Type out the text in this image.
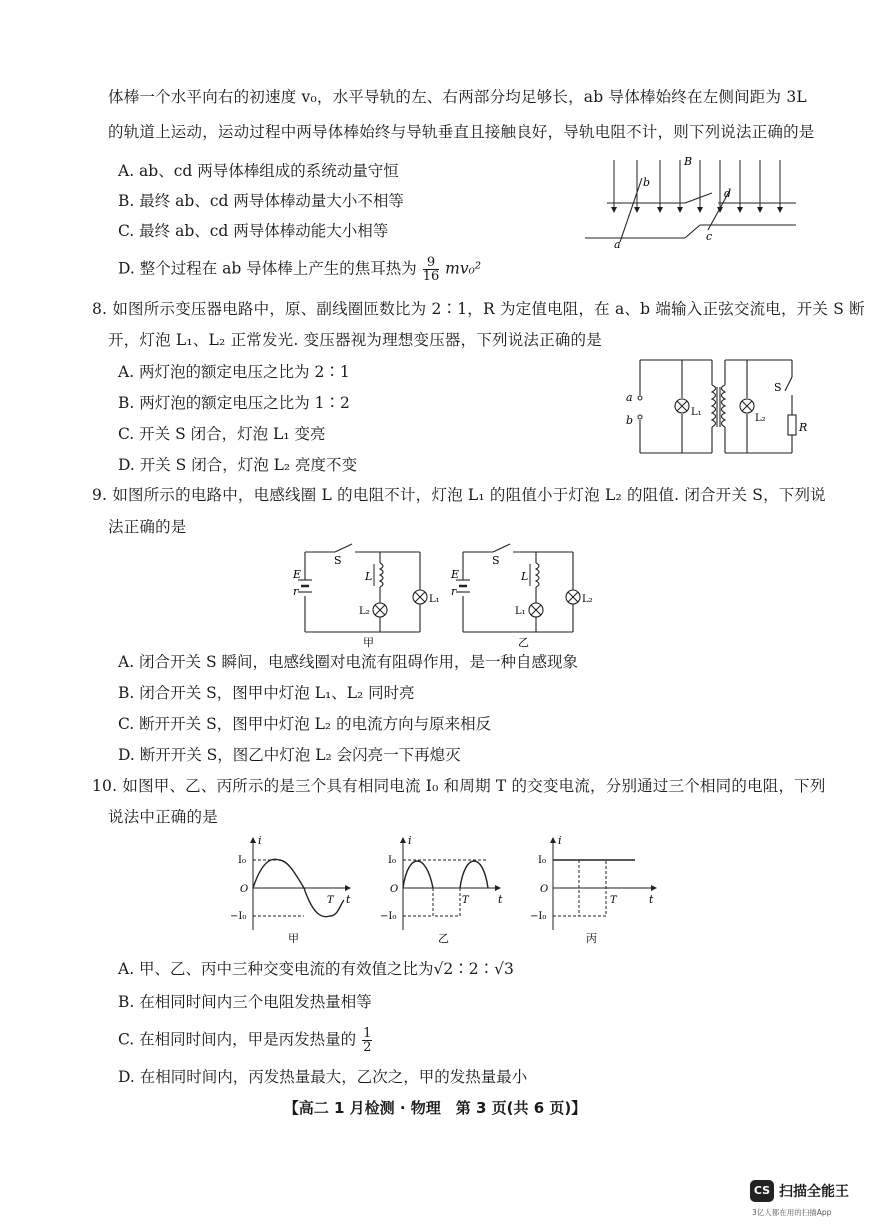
体棒一个水平向右的初速度 v₀，水平导轨的左、右两部分均足够长，ab 导体棒始终在左侧间距为 3L
的轨道上运动，运动过程中两导体棒始终与导轨垂直且接触良好，导轨电阻不计，则下列说法正确的是
A. ab、cd 两导体棒组成的系统动量守恒
B. 最终 ab、cd 两导体棒动量大小不相等
C. 最终 ab、cd 两导体棒动能大小相等
D. 整个过程在 ab 导体棒上产生的焦耳热为 $\frac{9}{16} mv_0^2$
B
b
a
d
c
8. 如图所示变压器电路中，原、副线圈匝数比为 2∶1，R 为定值电阻，在 a、b 端输入正弦交流电，开关 S 断
开，灯泡 L₁、L₂ 正常发光. 变压器视为理想变压器，下列说法正确的是
A. 两灯泡的额定电压之比为 2∶1
B. 两灯泡的额定电压之比为 1∶2
C. 开关 S 闭合，灯泡 L₁ 变亮
D. 开关 S 闭合，灯泡 L₂ 亮度不变
a
b
L₁
L₂
S
R
9. 如图所示的电路中，电感线圈 L 的电阻不计，灯泡 L₁ 的阻值小于灯泡 L₂ 的阻值. 闭合开关 S，下列说
法正确的是
E
r
S
L
L₂
L₁
甲
E
r
S
L
L₁
L₂
乙
A. 闭合开关 S 瞬间，电感线圈对电流有阻碍作用，是一种自感现象
B. 闭合开关 S，图甲中灯泡 L₁、L₂ 同时亮
C. 断开开关 S，图甲中灯泡 L₂ 的电流方向与原来相反
D. 断开开关 S，图乙中灯泡 L₂ 会闪亮一下再熄灭
10. 如图甲、乙、丙所示的是三个具有相同电流 I₀ 和周期 T 的交变电流，分别通过三个相同的电阻，下列
说法中正确的是
i
I₀
O
−I₀
T t
甲
i
I₀
O
−I₀
T	t
乙
i
I₀
O
−I₀
T	t
丙
A. 甲、乙、丙中三种交变电流的有效值之比为√2∶2∶√3
B. 在相同时间内三个电阻发热量相等
C. 在相同时间内，甲是丙发热量的 $\frac{1}{2}$
D. 在相同时间内，丙发热量最大，乙次之，甲的发热量最小
【高二 1 月检测 · 物理　第 3 页(共 6 页)】
CS 扫描全能王
3亿人都在用的扫描App
